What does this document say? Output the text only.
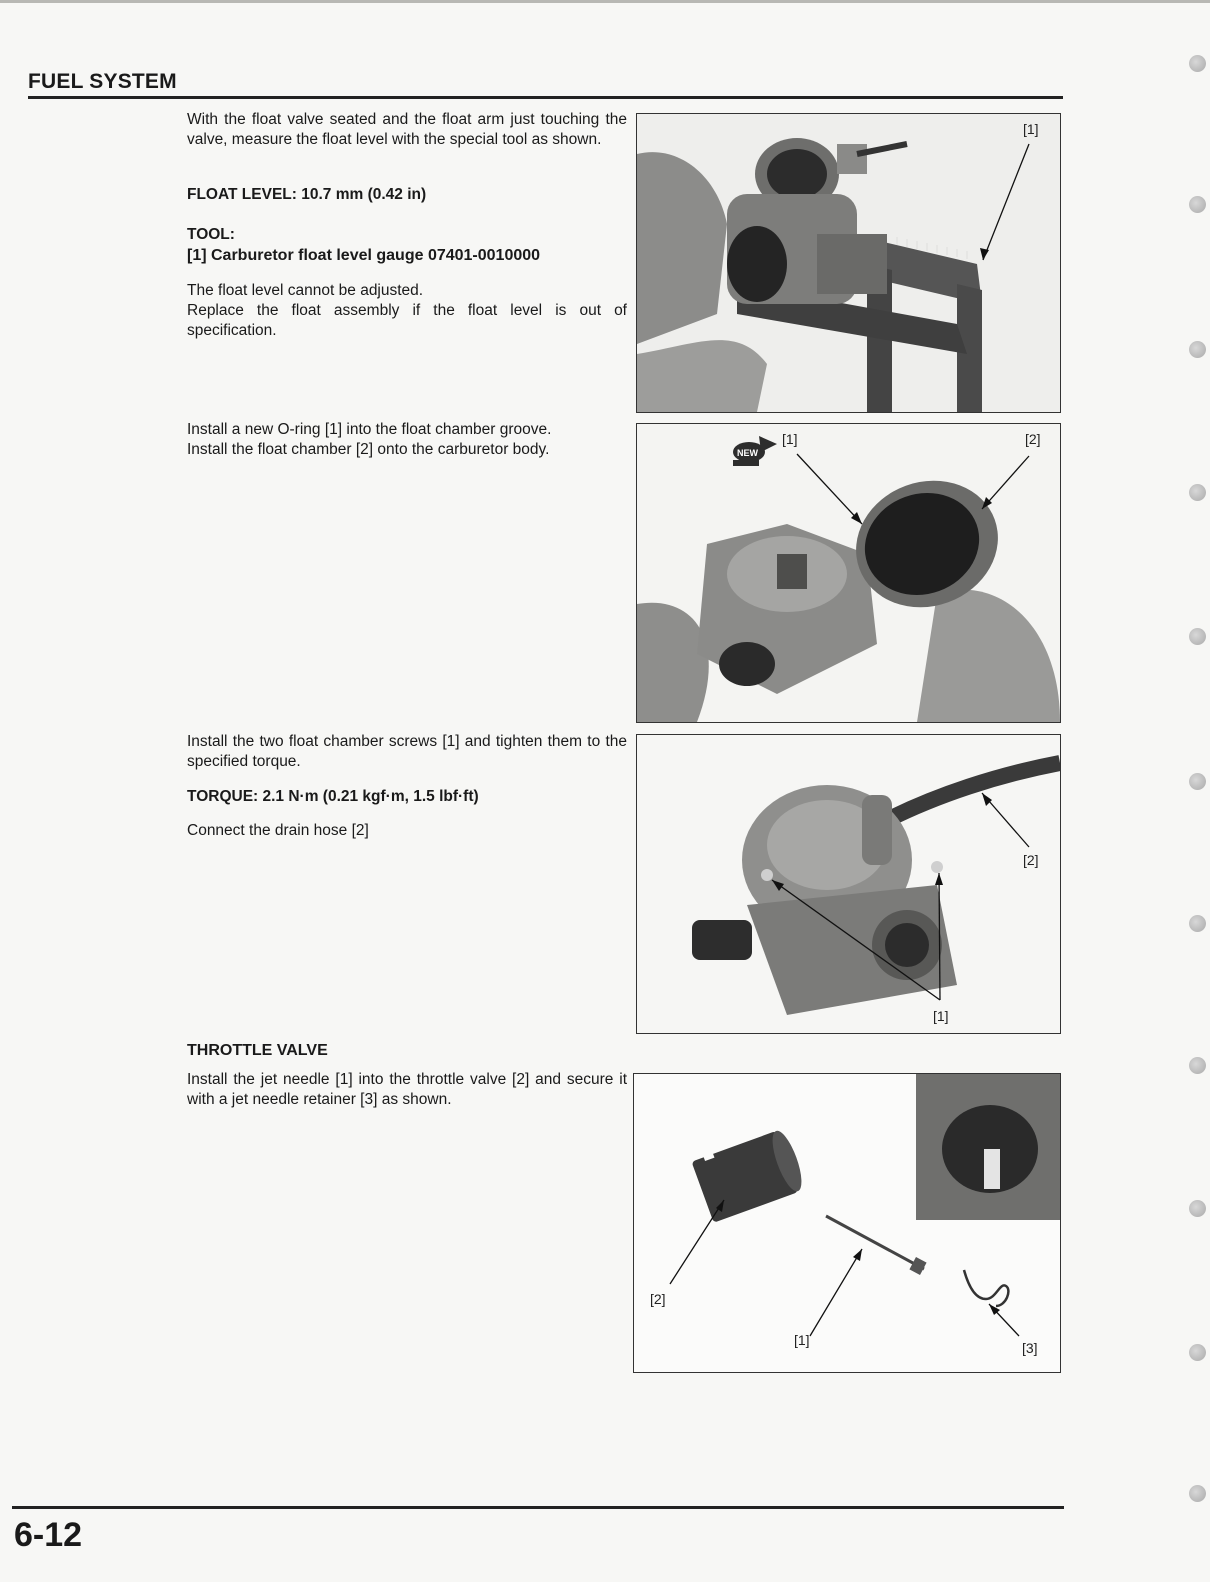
FUEL SYSTEM
With the float valve seated and the float arm just touching the valve, measure the float level with the special tool as shown.
FLOAT LEVEL: 10.7 mm (0.42 in)
TOOL:
[1] Carburetor float level gauge 07401-0010000
The float level cannot be adjusted.
Replace the float assembly if the float level is out of specification.
[1]
Install a new O-ring [1] into the float chamber groove.
Install the float chamber [2] onto the carburetor body.	NEW
[1]	[2]
Install the two float chamber screws [1] and tighten them to the specified torque.
TORQUE: 2.1 N·m (0.21 kgf·m, 1.5 lbf·ft)
Connect the drain hose [2]
[2]
[1]
THROTTLE VALVE
Install the jet needle [1] into the throttle valve [2] and secure it with a jet needle retainer [3] as shown.
[2]
[1]	[3]
6-12
